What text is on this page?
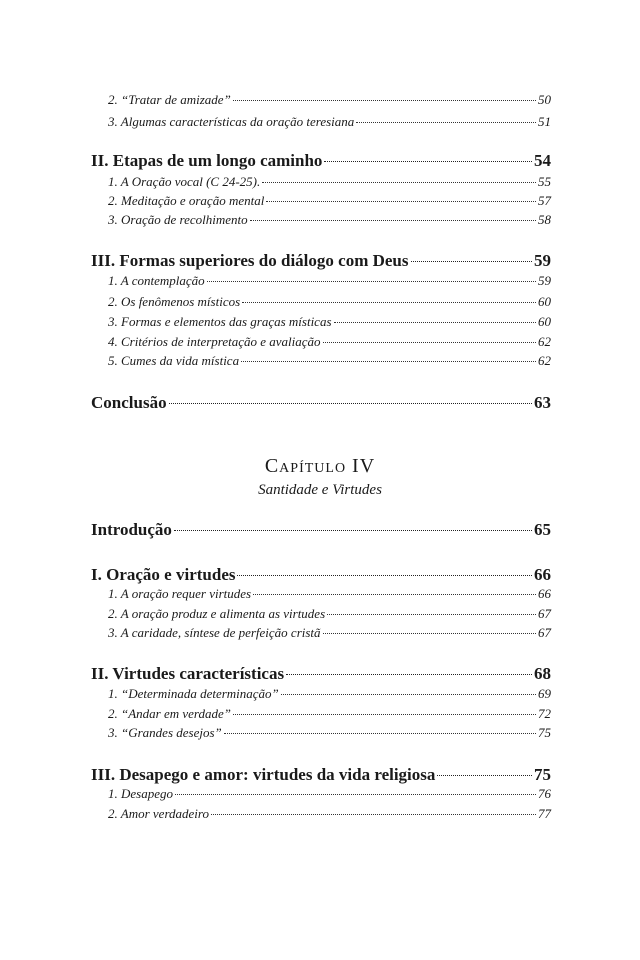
2. “Tratar de amizade”	50
3. Algumas características da oração teresiana	51
II. Etapas de um longo caminho	54
1. A Oração vocal (C 24-25).	55
2. Meditação e oração mental	57
3. Oração de recolhimento	58
III. Formas superiores do diálogo com Deus	59
1. A contemplação	59
2. Os fenômenos místicos	60
3. Formas e elementos das graças místicas	60
4. Critérios de interpretação e avaliação	62
5. Cumes da vida mística	62
Conclusão	63
Capítulo IV
Santidade e Virtudes
Introdução	65
I. Oração e virtudes	66
1. A oração requer virtudes	66
2. A oração produz e alimenta as virtudes	67
3. A caridade, síntese de perfeição cristã	67
II. Virtudes características	68
1. “Determinada determinação”	69
2. “Andar em verdade”	72
3. “Grandes desejos”	75
III. Desapego e amor: virtudes da vida religiosa	75
1. Desapego	76
2. Amor verdadeiro	77
